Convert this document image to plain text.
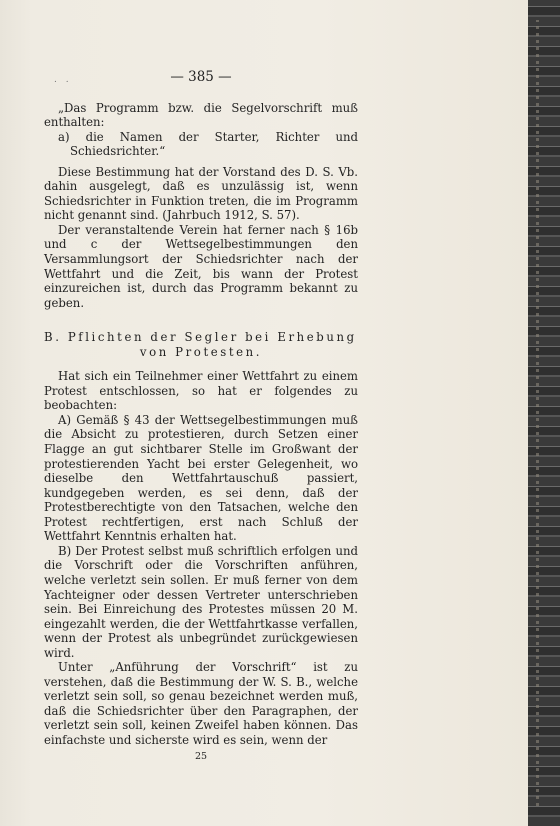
. .	— 385 —

„Das Programm bzw. die Segelvorschrift muß enthalten:

a) die Namen der Starter, Richter und Schiedsrichter.“

Diese Bestimmung hat der Vorstand des D. S. Vb. dahin ausgelegt, daß es unzulässig ist, wenn Schiedsrichter in Funktion treten, die im Programm nicht genannt sind. (Jahrbuch 1912, S. 57).

Der veranstaltende Verein hat ferner nach § 16b und c der Wettsegelbestimmungen den Versammlungsort der Schiedsrichter nach der Wettfahrt und die Zeit, bis wann der Protest einzureichen ist, durch das Programm bekannt zu geben.

B. Pflichten der Segler bei Erhebung

von Protesten.

Hat sich ein Teilnehmer einer Wettfahrt zu einem Protest entschlossen, so hat er folgendes zu beobachten:

A) Gemäß § 43 der Wettsegelbestimmungen muß die Absicht zu protestieren, durch Setzen einer Flagge an gut sichtbarer Stelle im Großwant der protestierenden Yacht bei erster Gelegenheit, wo dieselbe den Wettfahrtauschuß passiert, kundgegeben werden, es sei denn, daß der Protestberechtigte von den Tatsachen, welche den Protest rechtfertigen, erst nach Schluß der Wettfahrt Kenntnis erhalten hat.

B) Der Protest selbst muß schriftlich erfolgen und die Vorschrift oder die Vorschriften anführen, welche verletzt sein sollen. Er muß ferner von dem Yachteigner oder dessen Vertreter unterschrieben sein. Bei Einreichung des Protestes müssen 20 M. eingezahlt werden, die der Wettfahrtkasse verfallen, wenn der Protest als unbegründet zurückgewiesen wird.

Unter „Anführung der Vorschrift“ ist zu verstehen, daß die Bestimmung der W. S. B., welche verletzt sein soll, so genau bezeichnet werden muß, daß die Schiedsrichter über den Paragraphen, der verletzt sein soll, keinen Zweifel haben können. Das einfachste und sicherste wird es sein, wenn der

25
